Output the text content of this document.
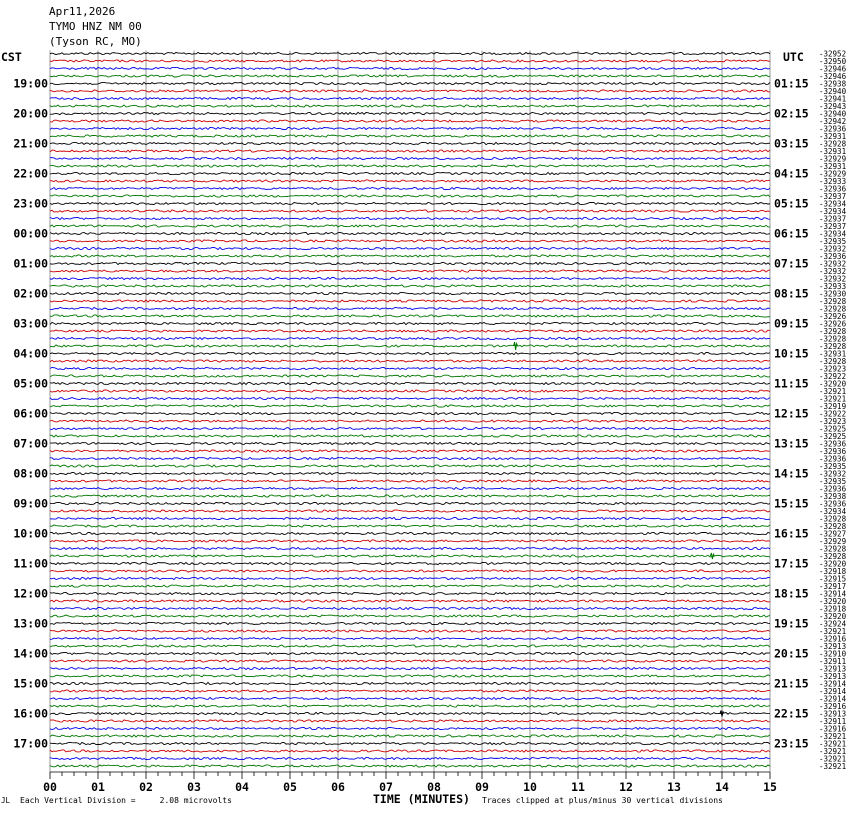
Apr11,2026
TYMO HNZ NM 00
(Tyson RC, MO)
CST	UTC
19:00
20:00
21:00
22:00
23:00
00:00
01:00
02:00
03:00
04:00
05:00
06:00
07:00
08:00
09:00
10:00
11:00
12:00
13:00
14:00
15:00
16:00
17:00
01:15
02:15
03:15
04:15
05:15
06:15
07:15
08:15
09:15
10:15
11:15
12:15
13:15
14:15
15:15
16:15
17:15
18:15
19:15
20:15
21:15
22:15
23:15
-32952
-32950
-32946
-32946
-32938
-32940
-32941
-32943
-32940
-32942
-32936
-32931
-32928
-32931
-32929
-32931
-32929
-32933
-32936
-32937
-32934
-32934
-32937
-32937
-32934
-32935
-32932
-32936
-32932
-32932
-32932
-32933
-32930
-32928
-32928
-32926
-32926
-32928
-32928
-32928
-32931
-32928
-32923
-32922
-32920
-32921
-32921
-32919
-32922
-32923
-32925
-32925
-32936
-32936
-32936
-32935
-32932
-32935
-32936
-32938
-32936
-32934
-32928
-32928
-32927
-32929
-32928
-32928
-32920
-32918
-32915
-32917
-32914
-32920
-32918
-32920
-32924
-32921
-32916
-32913
-32910
-32911
-32913
-32913
-32914
-32914
-32914
-32916
-32913
-32911
-32916
-32921
-32921
-32921
-32921
-32921
00	01	02	03	04	05	06	07	08	09	10	11	12	13	14	15
JL Each Vertical Division =     2.08 microvolts	TIME (MINUTES) Traces clipped at plus/minus 30 vertical divisions
